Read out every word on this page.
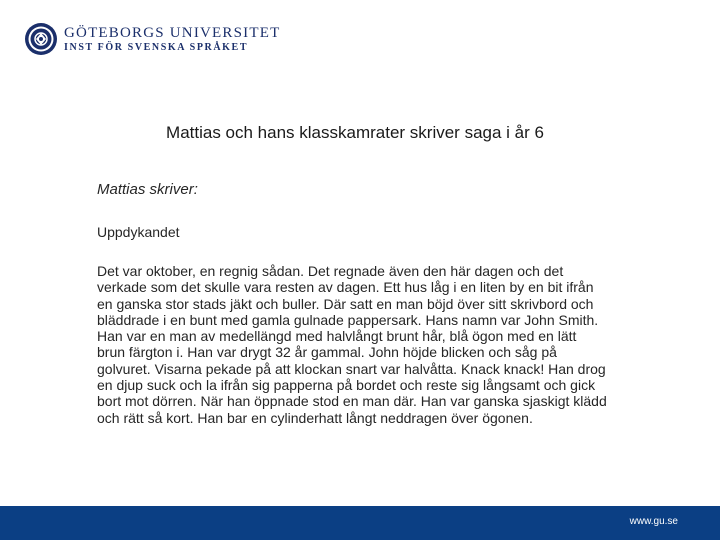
GÖTEBORGS UNIVERSITET
INST FÖR SVENSKA SPRÅKET
Mattias och hans klasskamrater skriver saga i år 6
Mattias skriver:
Uppdykandet

Det var oktober, en regnig sådan. Det regnade även den här dagen och det verkade som det skulle vara resten av dagen. Ett hus låg i en liten by en bit ifrån en ganska stor stads jäkt och buller. Där satt en man böjd över sitt skrivbord och bläddrade i en bunt med gamla gulnade pappersark. Hans namn var John Smith. Han var en man av medellängd med halvlångt brunt hår, blå ögon med en lätt brun färgton i. Han var drygt 32 år gammal. John höjde blicken och såg på golvuret. Visarna pekade på att klockan snart var halvåtta. Knack knack! Han drog en djup suck och la ifrån sig papperna på bordet och reste sig långsamt och gick bort mot dörren. När han öppnade stod en man där. Han var ganska sjaskigt klädd och rätt så kort. Han bar en cylinderhatt långt neddragen över ögonen.

www.gu.se
